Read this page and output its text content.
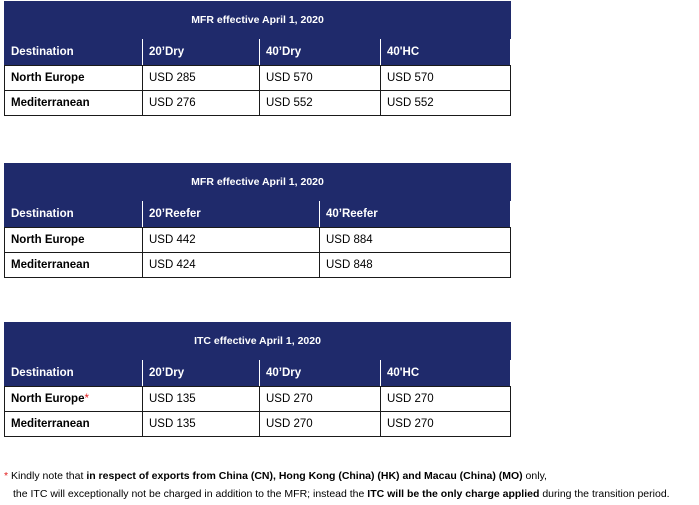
MFR effective April 1, 2020			
Destination	20’Dry	40’Dry	40'HC
North Europe	USD 285	USD 570	USD 570
Mediterranean	USD 276	USD 552	USD 552
MFR effective April 1, 2020		
Destination	20’Reefer	40’Reefer
North Europe	USD 442	USD 884
Mediterranean	USD 424	USD 848
ITC effective April 1, 2020			
Destination	20’Dry	40’Dry	40'HC
North Europe*	USD 135	USD 270	USD 270
Mediterranean	USD 135	USD 270	USD 270
* Kindly note that in respect of exports from China (CN), Hong Kong (China) (HK) and Macau (China) (MO) only,
the ITC will exceptionally not be charged in addition to the MFR; instead the ITC will be the only charge applied during the transition period.
